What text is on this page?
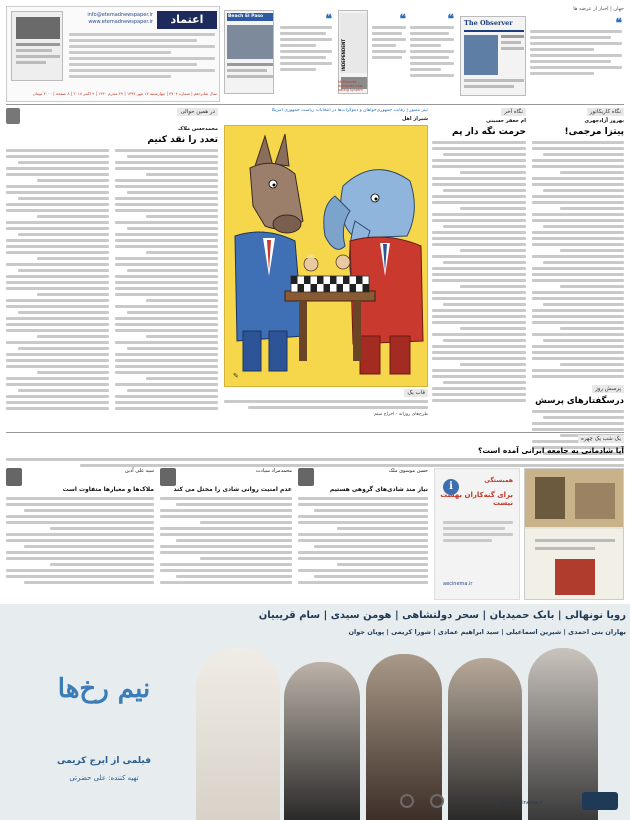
اعتماد
info@etemadnewspaper.ir
www.etemadnewspaper.ir
سال شانزدهم | شماره ۳۷۰۴ | چهارشنبه ۱۷ مهر ۱۳۹۷ | ۲۹ محرم ۱۴۴۰ | ۹ اکتبر ۲۰۱۸ | ۸ صفحه | ۲۰۰۰ تومان
جهان | اخبار از عرضه ها
Beach El Paso	❝
INDEPENDENT
McDonnell demands new voting system
❝	❝ The Observer	❝
نگاه کاریکاتور
بهروز آزادچهری
پیتزا مرجمی!
پرسش روز
درسگفتارهای پرسش
نگاه آخر
ام جعفر حسینی
حرمت نگه دار پم
تیتر مصور | رقابت جمهوری‌خواهان و دموکرات‌ها در انتخابات ریاست جمهوری آمریکا
شیراز اهل
✎
قاب یک
طرح‌های روزانه - اخراج میثم
در همین حوالی
محمدحسن ملاک
تعدد را نقد کنیم
یک شب یک چهره
آیا شادمانی به جامعه ایرانی آمده است؟
حسن موسوی ملک
نیاز مند شادی‌های گروهی هستیم
محمدمراد سیادت
عدم امنیت روانی شادی را مختل می کند
سید علی آذین
ملاک‌ها و معیارها متفاوت است	i
همبستگی
برای گنه‌کاران بهشت نیست
aecinema.ir
رویا نونهالی | بابک حمیدیان | سحر دولتشاهی | هومن سیدی | سام قریبیان
بهاران بنی احمدی | شیرین اسماعیلی | سید ابراهیم عمادی | شورا کریمی | پویان جوان
نیم رخ‌ها
فیلمی از ایرج کریمی
تهیه کننده: علی حضرتی
www.aecinema.ir
